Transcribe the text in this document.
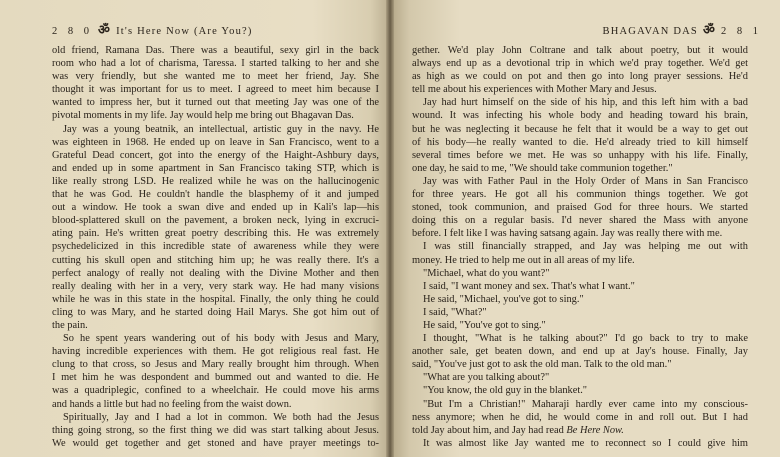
2 8 0 ॐ It's Here Now (Are You?)
old friend, Ramana Das. There was a beautiful, sexy girl in the back
room who had a lot of charisma, Taressa. I started talking to her and she
was very friendly, but she wanted me to meet her friend, Jay. She
thought it was important for us to meet. I agreed to meet him because I
wanted to impress her, but it turned out that meeting Jay was one of the
pivotal moments in my life. Jay would help me bring out Bhagavan Das.
Jay was a young beatnik, an intellectual, artistic guy in the navy. He
was eighteen in 1968. He ended up on leave in San Francisco, went to a
Grateful Dead concert, got into the energy of the Haight-Ashbury days,
and ended up in some apartment in San Francisco taking STP, which is
like really strong LSD. He realized while he was on the hallucinogenic
that he was God. He couldn't handle the blasphemy of it and jumped
out a window. He took a swan dive and ended up in Kali's lap—his
blood-splattered skull on the pavement, a broken neck, lying in excruci-
ating pain. He's written great poetry describing this. He was extremely
psychedelicized in this incredible state of awareness while they were
cutting his skull open and stitching him up; he was really there. It's a
perfect analogy of really not dealing with the Divine Mother and then
really dealing with her in a very, very stark way. He had many visions
while he was in this state in the hospital. Finally, the only thing he could
cling to was Mary, and he started doing Hail Marys. She got him out of
the pain.
So he spent years wandering out of his body with Jesus and Mary,
having incredible experiences with them. He got religious real fast. He
clung to that cross, so Jesus and Mary really brought him through. When
I met him he was despondent and bummed out and wanted to die. He
was a quadriplegic, confined to a wheelchair. He could move his arms
and hands a little but had no feeling from the waist down.
Spiritually, Jay and I had a lot in common. We both had the Jesus
thing going strong, so the first thing we did was start talking about Jesus.
We would get together and get stoned and have prayer meetings to-
BHAGAVAN DAS ॐ 2 8 1
gether. We'd play John Coltrane and talk about poetry, but it would
always end up as a devotional trip in which we'd pray together. We'd get
as high as we could on pot and then go into long prayer sessions. He'd
tell me about his experiences with Mother Mary and Jesus.
Jay had hurt himself on the side of his hip, and this left him with a bad
wound. It was infecting his whole body and heading toward his brain,
but he was neglecting it because he felt that it would be a way to get out
of his body—he really wanted to die. He'd already tried to kill himself
several times before we met. He was so unhappy with his life. Finally,
one day, he said to me, "We should take communion together."
Jay was with Father Paul in the Holy Order of Mans in San Francisco
for three years. He got all his communion things together. We got
stoned, took communion, and praised God for three hours. We started
doing this on a regular basis. I'd never shared the Mass with anyone
before. I felt like I was having satsang again. Jay was really there with me.
I was still financially strapped, and Jay was helping me out with
money. He tried to help me out in all areas of my life.
"Michael, what do you want?"
I said, "I want money and sex. That's what I want."
He said, "Michael, you've got to sing."
I said, "What?"
He said, "You've got to sing."
I thought, "What is he talking about?" I'd go back to try to make
another sale, get beaten down, and end up at Jay's house. Finally, Jay
said, "You've just got to ask the old man. Talk to the old man."
"What are you talking about?"
"You know, the old guy in the blanket."
"But I'm a Christian!" Maharaji hardly ever came into my conscious-
ness anymore; when he did, he would come in and roll out. But I had
told Jay about him, and Jay had read Be Here Now.
It was almost like Jay wanted me to reconnect so I could give him
